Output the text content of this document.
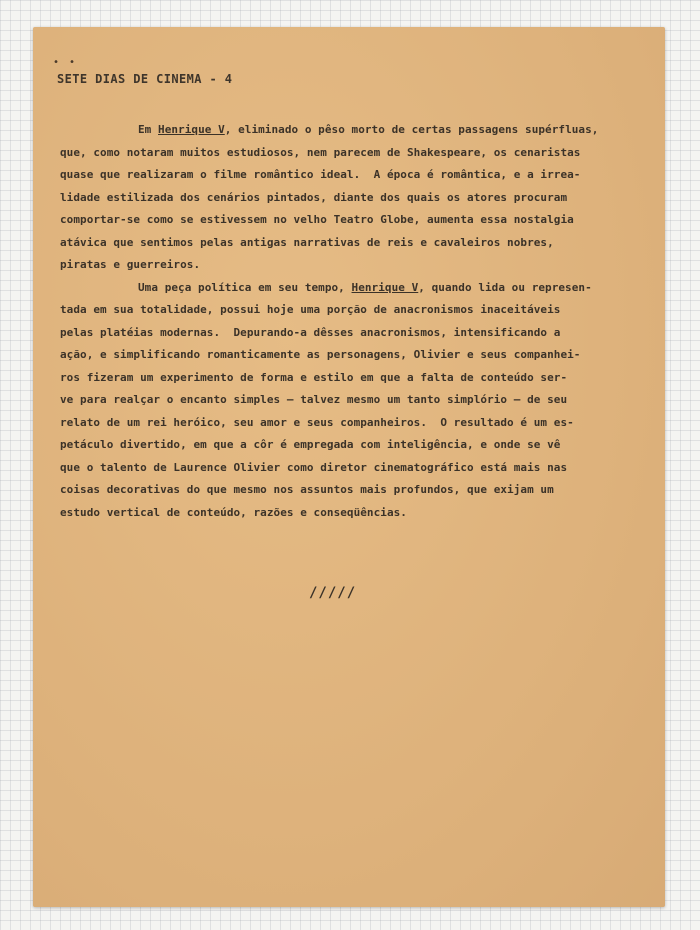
• •
SETE DIAS DE CINEMA - 4
Em Henrique V, eliminado o pêso morto de certas passagens supérfluas,
que, como notaram muitos estudiosos, nem parecem de Shakespeare, os cenaristas
quase que realizaram o filme romântico ideal.  A época é romântica, e a irrea-
lidade estilizada dos cenários pintados, diante dos quais os atores procuram
comportar-se como se estivessem no velho Teatro Globe, aumenta essa nostalgia
atávica que sentimos pelas antigas narrativas de reis e cavaleiros nobres,
piratas e guerreiros.
Uma peça política em seu tempo, Henrique V, quando lida ou represen-
tada em sua totalidade, possui hoje uma porção de anacronismos inaceitáveis
pelas platéias modernas.  Depurando-a dêsses anacronismos, intensificando a
ação, e simplificando romanticamente as personagens, Olivier e seus companhei-
ros fizeram um experimento de forma e estilo em que a falta de conteúdo ser-
ve para realçar o encanto simples — talvez mesmo um tanto simplório — de seu
relato de um rei heróico, seu amor e seus companheiros.  O resultado é um es-
petáculo divertido, em que a côr é empregada com inteligência, e onde se vê
que o talento de Laurence Olivier como diretor cinematográfico está mais nas
coisas decorativas do que mesmo nos assuntos mais profundos, que exijam um
estudo vertical de conteúdo, razões e conseqüências.
/////
